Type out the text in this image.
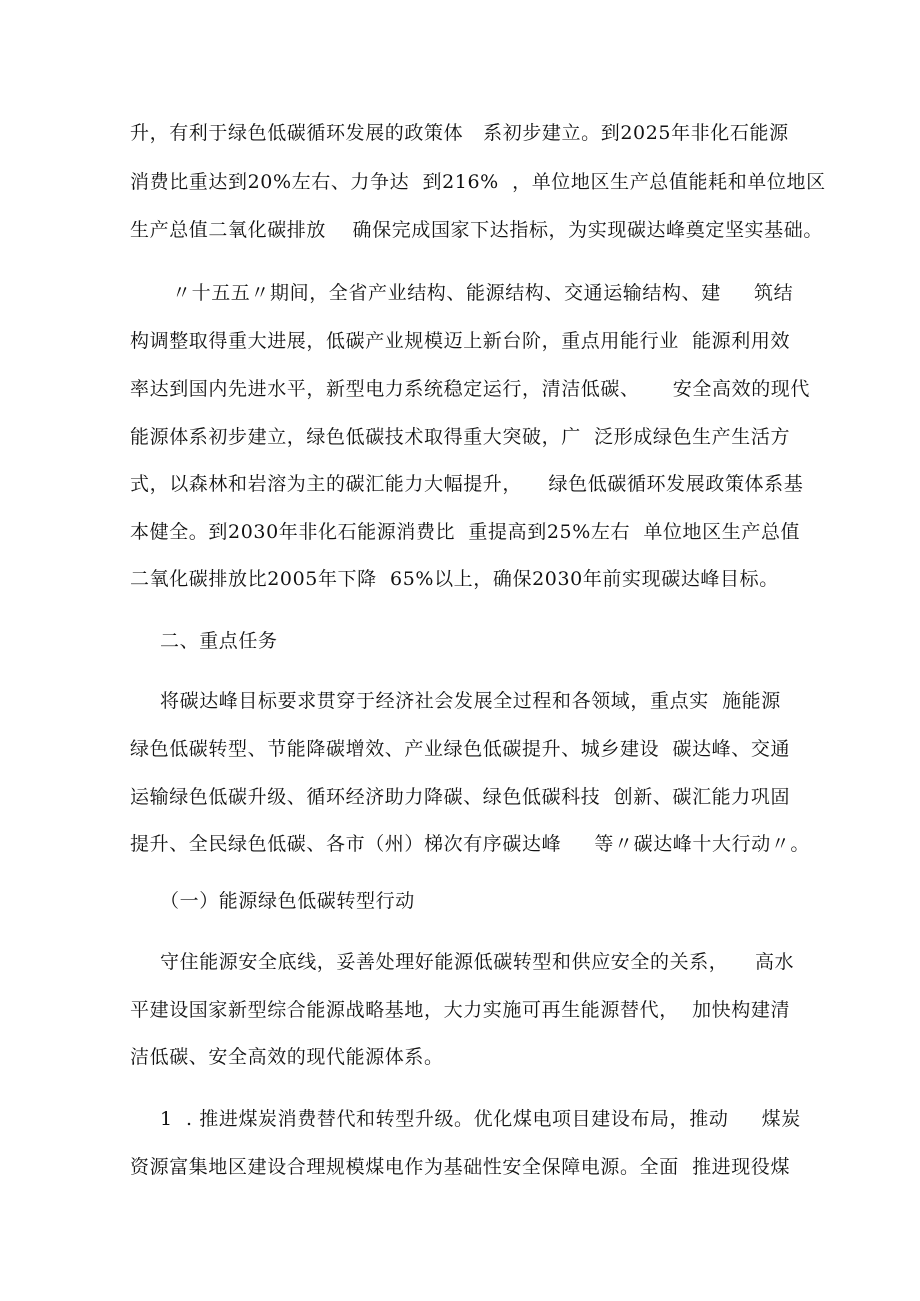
升，有利于绿色低碳循环发展的政策体   系初步建立。到2025年非化石能源
消费比重达到20%左右、力争达  到216%  ，单位地区生产总值能耗和单位地区
生产总值二氧化碳排放    确保完成国家下达指标，为实现碳达峰奠定坚实基础。
〃十五五〃期间，全省产业结构、能源结构、交通运输结构、建     筑结
构调整取得重大进展，低碳产业规模迈上新台阶，重点用能行业  能源利用效
率达到国内先进水平，新型电力系统稳定运行，清洁低碳、     安全高效的现代
能源体系初步建立，绿色低碳技术取得重大突破，广  泛形成绿色生产生活方
式，以森林和岩溶为主的碳汇能力大幅提升，    绿色低碳循环发展政策体系基
本健全。到2030年非化石能源消费比  重提高到25%左右  单位地区生产总值
二氧化碳排放比2005年下降  65%以上，确保2030年前实现碳达峰目标。
二、重点任务
将碳达峰目标要求贯穿于经济社会发展全过程和各领域，重点实  施能源
绿色低碳转型、节能降碳增效、产业绿色低碳提升、城乡建设  碳达峰、交通
运输绿色低碳升级、循环经济助力降碳、绿色低碳科技  创新、碳汇能力巩固
提升、全民绿色低碳、各市（州）梯次有序碳达峰     等〃碳达峰十大行动〃。
（一）能源绿色低碳转型行动
守住能源安全底线，妥善处理好能源低碳转型和供应安全的关系，    高水
平建设国家新型综合能源战略基地，大力实施可再生能源替代，  加快构建清
洁低碳、安全高效的现代能源体系。
1  . 推进煤炭消费替代和转型升级。优化煤电项目建设布局，推动     煤炭
资源富集地区建设合理规模煤电作为基础性安全保障电源。全面  推进现役煤
